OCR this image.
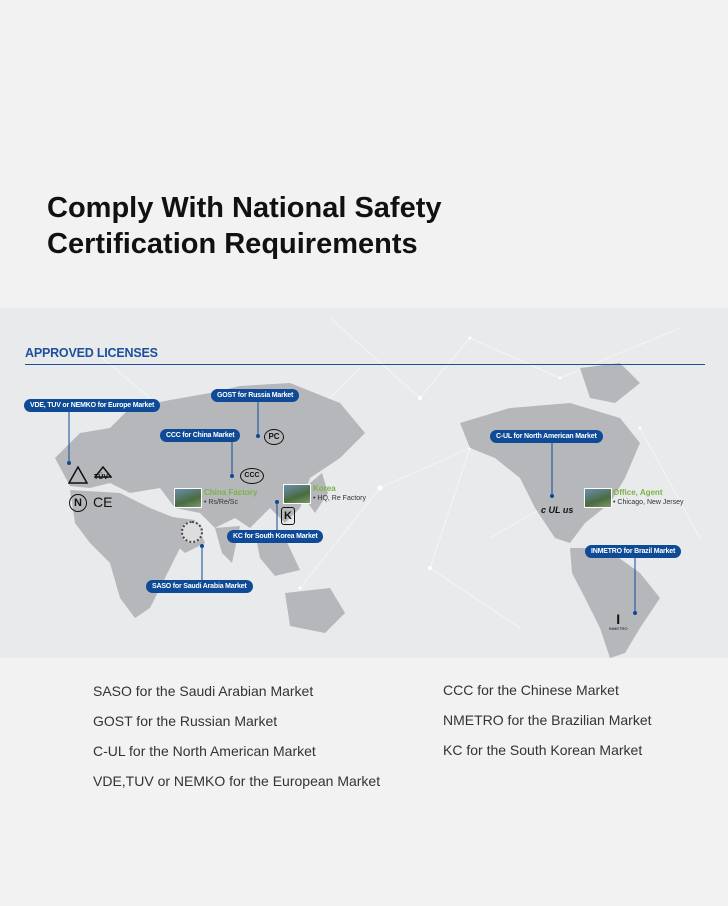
Comply With National Safety
Certification Requirements
APPROVED LICENSES
VDE, TUV or NEMKO for Europe Market
GOST for Russia Market
CCC for China Market
KC for South Korea Market
SASO for Saudi Arabia Market
C-UL for North American Market
INMETRO for Brazil Market
China Factory
• Rs/Re/Sc
Korea
• HQ, Re Factory
Office, Agent
• Chicago, New Jersey

TÜV
N CE
PC
CCC
K	c UL us
I
INMETRO
SASO for the Saudi Arabian Market
GOST for the Russian Market
C-UL for the North American Market
VDE,TUV or NEMKO for the European Market
CCC for the Chinese Market
NMETRO for the Brazilian Market
KC for the South Korean Market
